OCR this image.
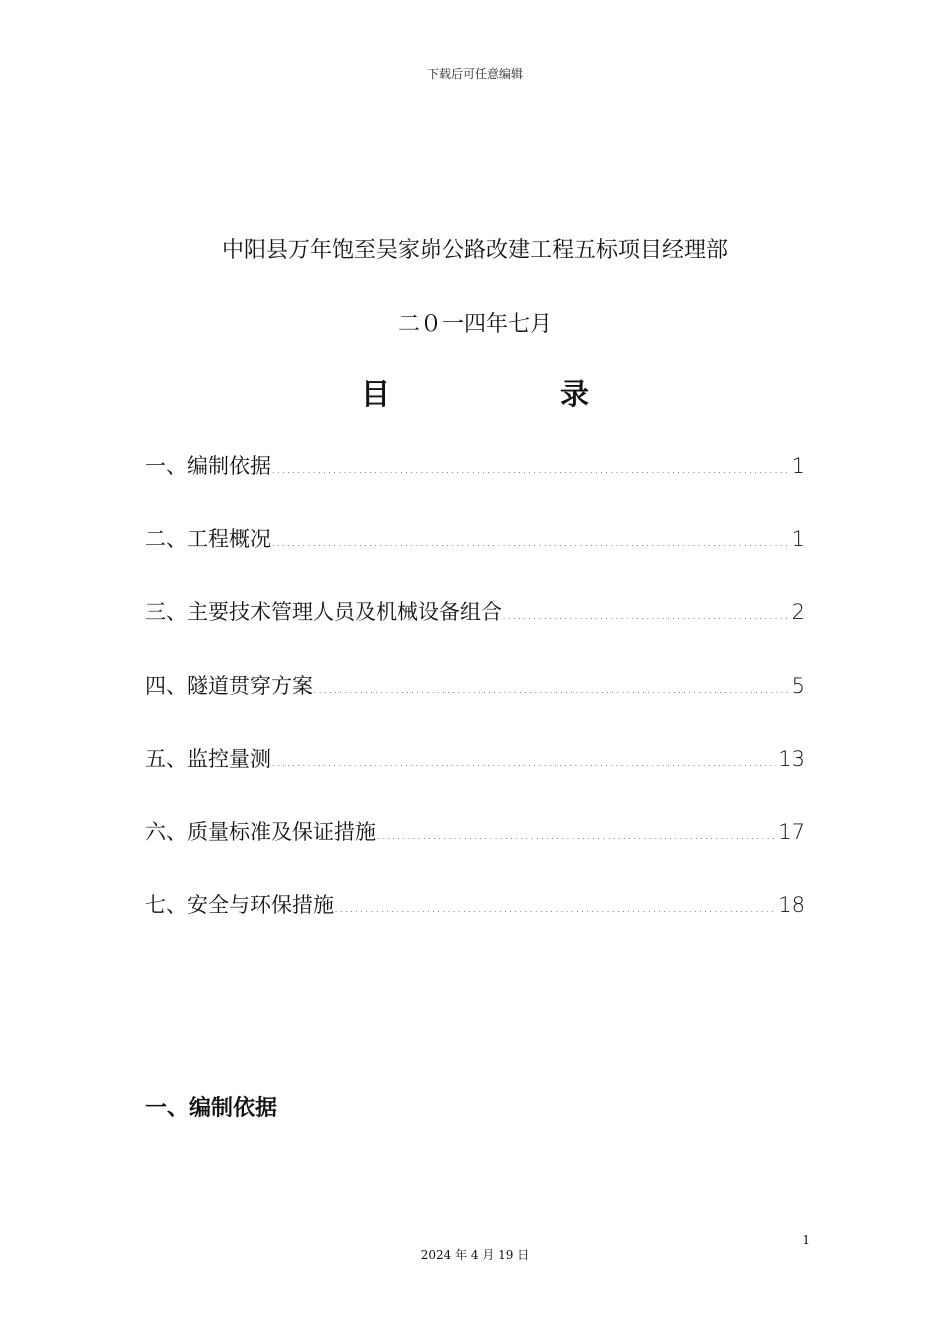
下载后可任意编辑
中阳县万年饱至吴家峁公路改建工程五标项目经理部
二０一四年七月
目	录
一、编制依据 .....	1
二、工程概况 .....	1
三、主要技术管理人员及机械设备组合 .....	2
四、隧道贯穿方案 .....	5
五、监控量测 .....	13
六、质量标准及保证措施 .....	17
七、安全与环保措施 .....	18
一、编制依据
1
2024 年 4 月 19 日
